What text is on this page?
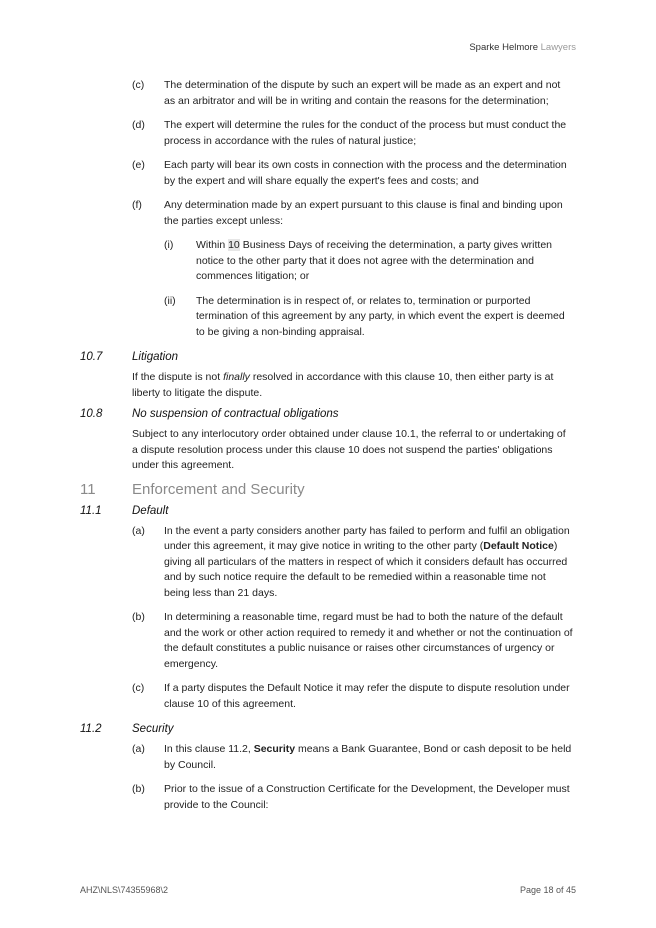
Sparke Helmore Lawyers
(c) The determination of the dispute by such an expert will be made as an expert and not as an arbitrator and will be in writing and contain the reasons for the determination;
(d) The expert will determine the rules for the conduct of the process but must conduct the process in accordance with the rules of natural justice;
(e) Each party will bear its own costs in connection with the process and the determination by the expert and will share equally the expert's fees and costs; and
(f) Any determination made by an expert pursuant to this clause is final and binding upon the parties except unless:
(i) Within 10 Business Days of receiving the determination, a party gives written notice to the other party that it does not agree with the determination and commences litigation; or
(ii) The determination is in respect of, or relates to, termination or purported termination of this agreement by any party, in which event the expert is deemed to be giving a non-binding appraisal.
10.7	Litigation
If the dispute is not finally resolved in accordance with this clause 10, then either party is at liberty to litigate the dispute.
10.8	No suspension of contractual obligations
Subject to any interlocutory order obtained under clause 10.1, the referral to or undertaking of a dispute resolution process under this clause 10 does not suspend the parties' obligations under this agreement.
11 Enforcement and Security
11.1	Default
(a) In the event a party considers another party has failed to perform and fulfil an obligation under this agreement, it may give notice in writing to the other party (Default Notice) giving all particulars of the matters in respect of which it considers default has occurred and by such notice require the default to be remedied within a reasonable time not being less than 21 days.
(b) In determining a reasonable time, regard must be had to both the nature of the default and the work or other action required to remedy it and whether or not the continuation of the default constitutes a public nuisance or raises other circumstances of urgency or emergency.
(c) If a party disputes the Default Notice it may refer the dispute to dispute resolution under clause 10 of this agreement.
11.2	Security
(a) In this clause 11.2, Security means a Bank Guarantee, Bond or cash deposit to be held by Council.
(b) Prior to the issue of a Construction Certificate for the Development, the Developer must provide to the Council:
AHZ\NLS\74355968\2	Page 18 of 45
